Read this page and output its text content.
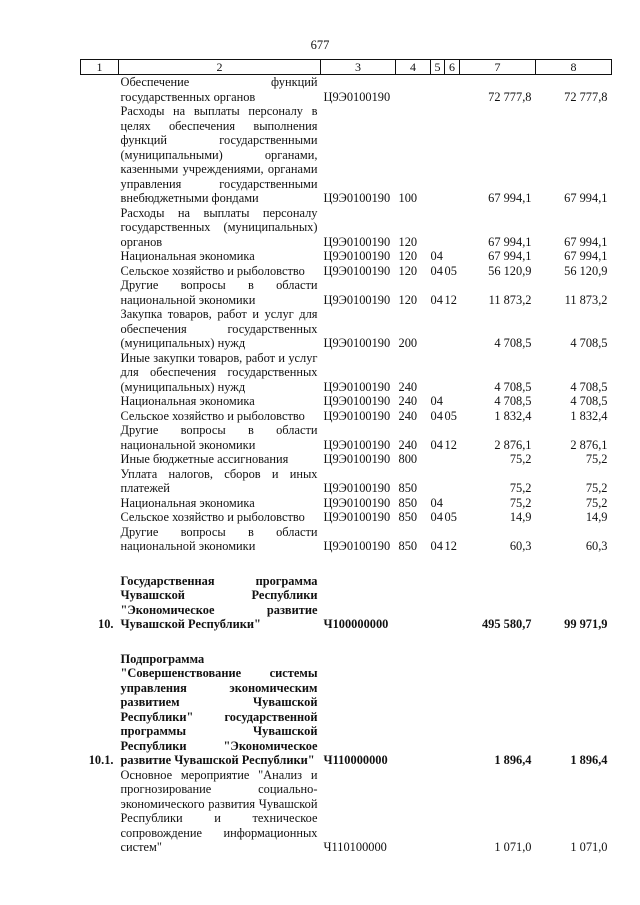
677
1	2	3	4	5	6	7	8
	Обеспечение функций государственных органов	Ц9Э0100190				72 777,8	72 777,8
	Расходы на выплаты персоналу в целях обеспечения выполнения функций государственными (муниципальными) органами, казенными учреждениями, органами управления государственными внебюджетными фондами	Ц9Э0100190	100			67 994,1	67 994,1
	Расходы на выплаты персоналу государственных (муниципальных) органов	Ц9Э0100190	120			67 994,1	67 994,1
	Национальная экономика	Ц9Э0100190	120	04		67 994,1	67 994,1
	Сельское хозяйство и рыболовство	Ц9Э0100190	120	04	05	56 120,9	56 120,9
	Другие вопросы в области национальной экономики	Ц9Э0100190	120	04	12	11 873,2	11 873,2
	Закупка товаров, работ и услуг для обеспечения государственных (муниципальных) нужд	Ц9Э0100190	200			4 708,5	4 708,5
	Иные закупки товаров, работ и услуг для обеспечения государственных (муниципальных) нужд	Ц9Э0100190	240			4 708,5	4 708,5
	Национальная экономика	Ц9Э0100190	240	04		4 708,5	4 708,5
	Сельское хозяйство и рыболовство	Ц9Э0100190	240	04	05	1 832,4	1 832,4
	Другие вопросы в области национальной экономики	Ц9Э0100190	240	04	12	2 876,1	2 876,1
	Иные бюджетные ассигнования	Ц9Э0100190	800			75,2	75,2
	Уплата налогов, сборов и иных платежей	Ц9Э0100190	850			75,2	75,2
	Национальная экономика	Ц9Э0100190	850	04		75,2	75,2
	Сельское хозяйство и рыболовство	Ц9Э0100190	850	04	05	14,9	14,9
	Другие вопросы в области национальной экономики	Ц9Э0100190	850	04	12	60,3	60,3

10.	Государственная программа Чувашской Республики "Экономическое развитие Чувашской Республики"	Ч100000000				495 580,7	99 971,9

10.1.	Подпрограмма "Совершенствование системы управления экономическим развитием Чувашской Республики" государственной программы Чувашской Республики "Экономическое развитие Чувашской Республики"	Ч110000000				1 896,4	1 896,4
	Основное мероприятие "Анализ и прогнозирование социально-экономического развития Чувашской Республики и техническое сопровождение информационных систем"	Ч110100000				1 071,0	1 071,0
